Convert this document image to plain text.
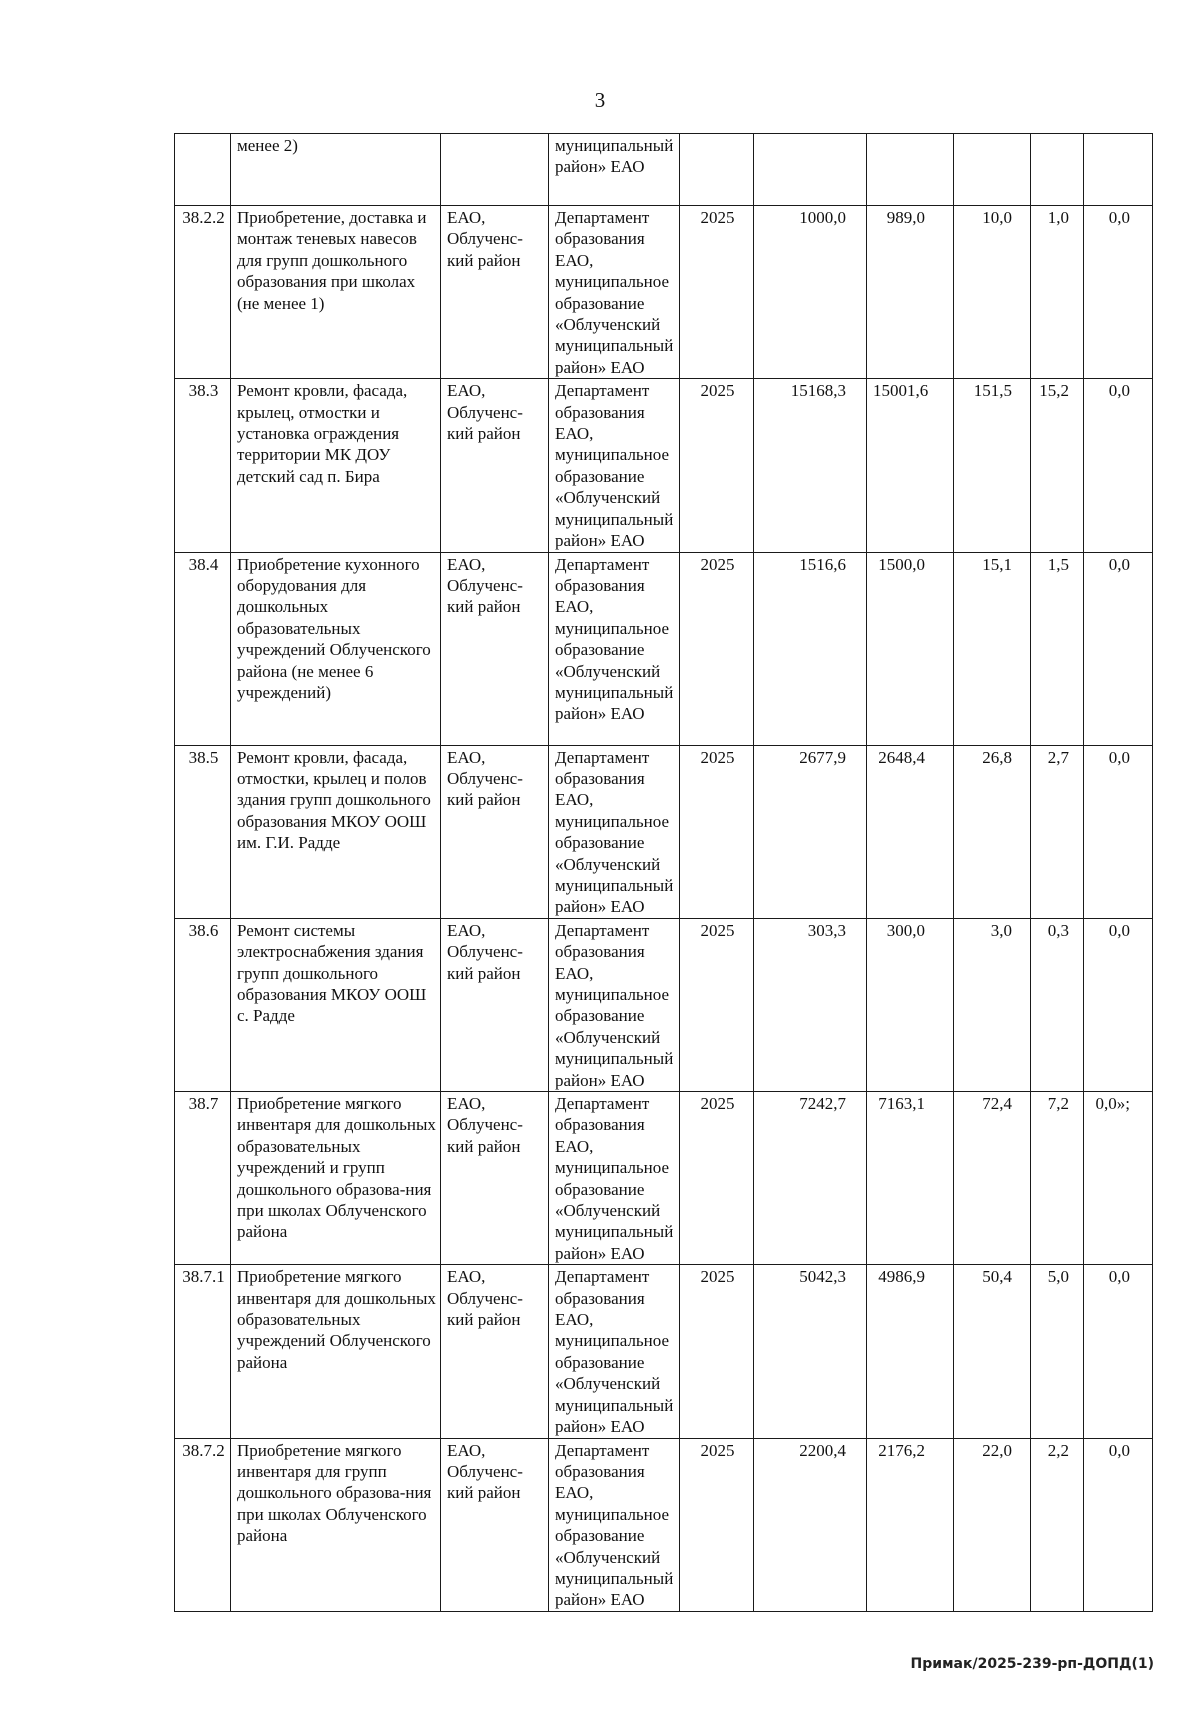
3
	менее 2)		муниципальный район» ЕАО						
38.2.2	Приобретение, доставка и монтаж теневых навесов для групп дошкольного образования при школах (не менее 1)	ЕАО, Облученс-кий район	Департамент образования ЕАО, муниципальное образование «Облученский муниципальный район» ЕАО	2025	1000,0	989,0	10,0	1,0	0,0
38.3	Ремонт кровли, фасада, крылец, отмостки и установка ограждения территории МК ДОУ детский сад п. Бира	ЕАО, Облученс-кий район	Департамент образования ЕАО, муниципальное образование «Облученский муниципальный район» ЕАО	2025	15168,3	15001,6	151,5	15,2	0,0
38.4	Приобретение кухонного оборудования для дошкольных образовательных учреждений Облученского района (не менее 6 учреждений)	ЕАО, Облученс-кий район	Департамент образования ЕАО, муниципальное образование «Облученский муниципальный район» ЕАО	2025	1516,6	1500,0	15,1	1,5	0,0
38.5	Ремонт кровли, фасада, отмостки, крылец и полов здания групп дошкольного образования МКОУ ООШ им. Г.И. Радде	ЕАО, Облученс-кий район	Департамент образования ЕАО, муниципальное образование «Облученский муниципальный район» ЕАО	2025	2677,9	2648,4	26,8	2,7	0,0
38.6	Ремонт системы электроснабжения здания групп дошкольного образования МКОУ ООШ с. Радде	ЕАО, Облученс-кий район	Департамент образования ЕАО, муниципальное образование «Облученский муниципальный район» ЕАО	2025	303,3	300,0	3,0	0,3	0,0
38.7	Приобретение мягкого инвентаря для дошкольных образовательных учреждений и групп дошкольного образова-ния при школах Облученского района	ЕАО, Облученс-кий район	Департамент образования ЕАО, муниципальное образование «Облученский муниципальный район» ЕАО	2025	7242,7	7163,1	72,4	7,2	0,0»;
38.7.1	Приобретение мягкого инвентаря для дошкольных образовательных учреждений Облученского района	ЕАО, Облученс-кий район	Департамент образования ЕАО, муниципальное образование «Облученский муниципальный район» ЕАО	2025	5042,3	4986,9	50,4	5,0	0,0
38.7.2	Приобретение мягкого инвентаря для групп дошкольного образова-ния при школах Облученского района	ЕАО, Облученс-кий район	Департамент образования ЕАО, муниципальное образование «Облученский муниципальный район» ЕАО	2025	2200,4	2176,2	22,0	2,2	0,0
Примак/2025-239-рп-ДОПД(1)
